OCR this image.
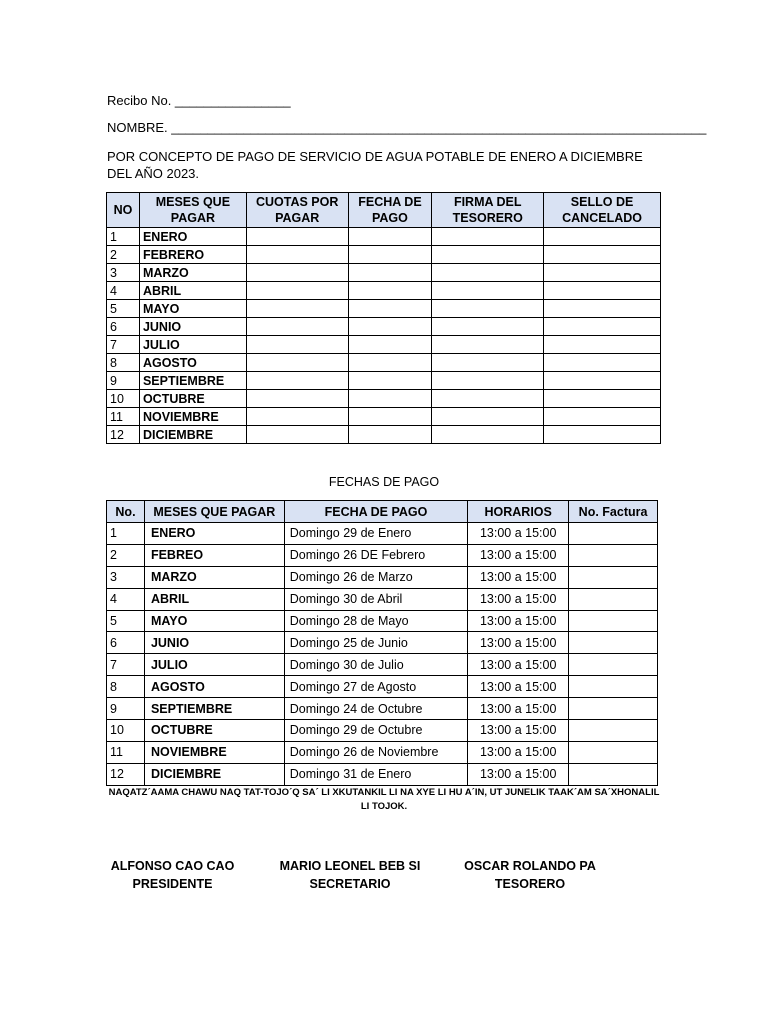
Recibo No. ________________
NOMBRE. __________________________________________________________________________
POR CONCEPTO DE PAGO DE SERVICIO DE AGUA POTABLE DE ENERO A DICIEMBRE DEL AÑO 2023.
NO	MESES QUE PAGAR	CUOTAS POR PAGAR	FECHA DE PAGO	FIRMA DEL TESORERO	SELLO DE CANCELADO
1	ENERO				
2	FEBRERO				
3	MARZO				
4	ABRIL				
5	MAYO				
6	JUNIO				
7	JULIO				
8	AGOSTO				
9	SEPTIEMBRE				
10	OCTUBRE				
11	NOVIEMBRE				
12	DICIEMBRE				
FECHAS DE PAGO
No.	MESES QUE PAGAR	FECHA DE PAGO	HORARIOS	No. Factura
1	ENERO	Domingo 29 de Enero	13:00 a 15:00	
2	FEBREO	Domingo 26 DE Febrero	13:00 a 15:00	
3	MARZO	Domingo 26 de Marzo	13:00 a 15:00	
4	ABRIL	Domingo 30 de Abril	13:00 a 15:00	
5	MAYO	Domingo 28 de Mayo	13:00 a 15:00	
6	JUNIO	Domingo 25 de Junio	13:00 a 15:00	
7	JULIO	Domingo 30 de Julio	13:00 a 15:00	
8	AGOSTO	Domingo 27 de Agosto	13:00 a 15:00	
9	SEPTIEMBRE	Domingo 24 de Octubre	13:00 a 15:00	
10	OCTUBRE	Domingo 29 de Octubre	13:00 a 15:00	
11	NOVIEMBRE	Domingo 26 de Noviembre	13:00 a 15:00	
12	DICIEMBRE	Domingo 31 de Enero	13:00 a 15:00	
NAQATZ´AAMA CHAWU NAQ TAT-TOJO´Q SA´ LI XKUTANKIL LI NA XYE LI HU A´IN, UT JUNELIK TAAK´AM SA´XHONALIL LI TOJOK.
ALFONSO CAO CAO
PRESIDENTE
MARIO LEONEL BEB SI
SECRETARIO
OSCAR ROLANDO PA
TESORERO
